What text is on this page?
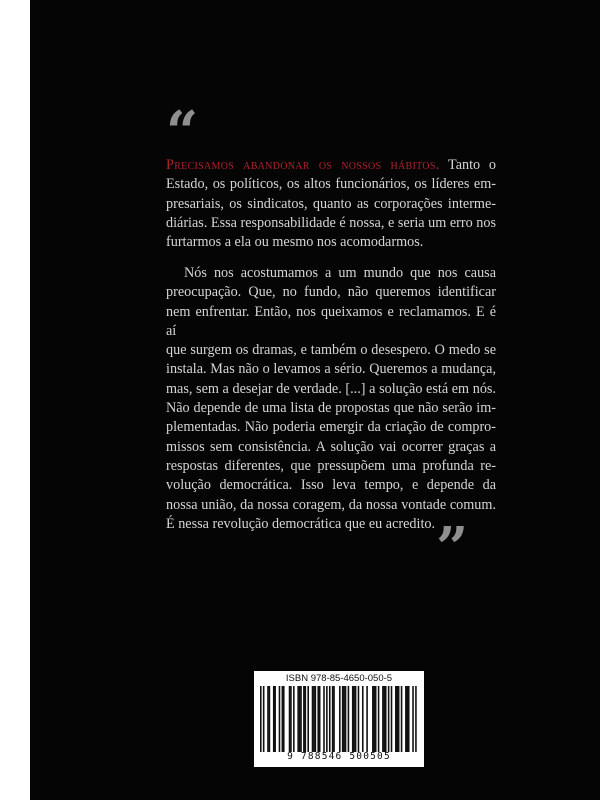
“
Precisamos abandonar os nossos hábitos. Tanto o
Estado, os políticos, os altos funcionários, os líderes em-
presariais, os sindicatos, quanto as corporações interme-
diárias. Essa responsabilidade é nossa, e seria um erro nos
furtarmos a ela ou mesmo nos acomodarmos.
Nós nos acostumamos a um mundo que nos causa
preocupação. Que, no fundo, não queremos identificar
nem enfrentar. Então, nos queixamos e reclamamos. E é aí
que surgem os dramas, e também o desespero. O medo se
instala. Mas não o levamos a sério. Queremos a mudança,
mas, sem a desejar de verdade. [...] a solução está em nós.
Não depende de uma lista de propostas que não serão im-
plementadas. Não poderia emergir da criação de compro-
missos sem consistência. A solução vai ocorrer graças a
respostas diferentes, que pressupõem uma profunda re-
volução democrática. Isso leva tempo, e depende da
nossa união, da nossa coragem, da nossa vontade comum.
É nessa revolução democrática que eu acredito. ”
ISBN 978-85-4650-050-5
9 788546 500505
